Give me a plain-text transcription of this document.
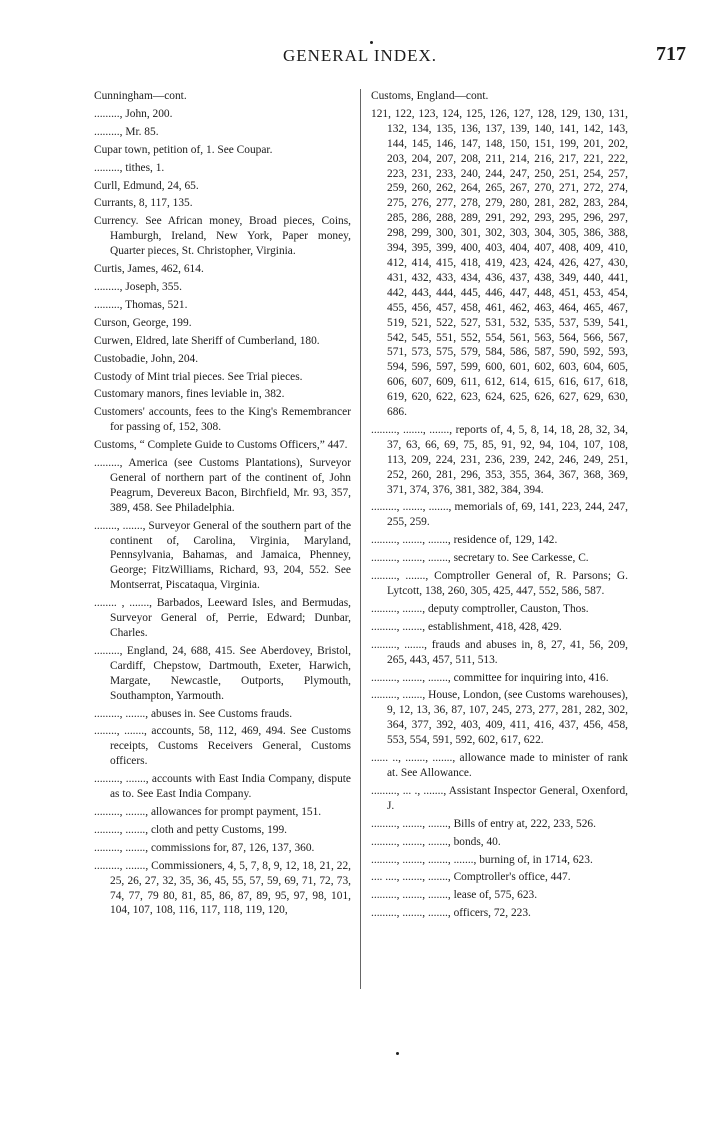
GENERAL INDEX.	717

Cunningham—cont.

........., John, 200.

........., Mr. 85.

Cupar town, petition of, 1. See Coupar.

........., tithes, 1.

Curll, Edmund, 24, 65.

Currants, 8, 117, 135.

Currency. See African money, Broad pieces, Coins, Hamburgh, Ireland, New York, Paper money, Quarter pieces, St. Christopher, Virginia.

Curtis, James, 462, 614.

........., Joseph, 355.

........., Thomas, 521.

Curson, George, 199.

Curwen, Eldred, late Sheriff of Cumberland, 180.

Custobadie, John, 204.

Custody of Mint trial pieces. See Trial pieces.

Customary manors, fines leviable in, 382.

Customers' accounts, fees to the King's Remembrancer for passing of, 152, 308.

Customs, “ Complete Guide to Customs Officers,” 447.

........., America (see Customs Plantations), Surveyor General of northern part of the continent of, John Peagrum, Devereux Bacon, Birchfield, Mr. 93, 357, 389, 458. See Philadelphia.

........, ......., Surveyor General of the southern part of the continent of, Carolina, Virginia, Maryland, Pennsylvania, Bahamas, and Jamaica, Phenney, George; FitzWilliams, Richard, 93, 204, 552. See Montserrat, Piscataqua, Virginia.

........ , ......., Barbados, Leeward Isles, and Bermudas, Surveyor General of, Perrie, Edward; Dunbar, Charles.

........., England, 24, 688, 415. See Aberdovey, Bristol, Cardiff, Chepstow, Dartmouth, Exeter, Harwich, Margate, Newcastle, Outports, Plymouth, Southampton, Yarmouth.

........., ......., abuses in. See Customs frauds.

........, ......., accounts, 58, 112, 469, 494. See Customs receipts, Customs Receivers General, Customs officers.

........., ......., accounts with East India Company, dispute as to. See East India Company.

........., ......., allowances for prompt payment, 151.

........., ......., cloth and petty Customs, 199.

........., ......., commissions for, 87, 126, 137, 360.

........., ......., Commissioners, 4, 5, 7, 8, 9, 12, 18, 21, 22, 25, 26, 27, 32, 35, 36, 45, 55, 57, 59, 69, 71, 72, 73, 74, 77, 79 80, 81, 85, 86, 87, 89, 95, 97, 98, 101, 104, 107, 108, 116, 117, 118, 119, 120,

Customs, England—cont.

121, 122, 123, 124, 125, 126, 127, 128, 129, 130, 131, 132, 134, 135, 136, 137, 139, 140, 141, 142, 143, 144, 145, 146, 147, 148, 150, 151, 199, 201, 202, 203, 204, 207, 208, 211, 214, 216, 217, 221, 222, 223, 231, 233, 240, 244, 247, 250, 251, 254, 257, 259, 260, 262, 264, 265, 267, 270, 271, 272, 274, 275, 276, 277, 278, 279, 280, 281, 282, 283, 284, 285, 286, 288, 289, 291, 292, 293, 295, 296, 297, 298, 299, 300, 301, 302, 303, 304, 305, 386, 388, 394, 395, 399, 400, 403, 404, 407, 408, 409, 410, 412, 414, 415, 418, 419, 423, 424, 426, 427, 430, 431, 432, 433, 434, 436, 437, 438, 349, 440, 441, 442, 443, 444, 445, 446, 447, 448, 451, 453, 454, 455, 456, 457, 458, 461, 462, 463, 464, 465, 467, 519, 521, 522, 527, 531, 532, 535, 537, 539, 541, 542, 545, 551, 552, 554, 561, 563, 564, 566, 567, 571, 573, 575, 579, 584, 586, 587, 590, 592, 593, 594, 596, 597, 599, 600, 601, 602, 603, 604, 605, 606, 607, 609, 611, 612, 614, 615, 616, 617, 618, 619, 620, 622, 623, 624, 625, 626, 627, 629, 630, 686.

........., ......., ......., reports of, 4, 5, 8, 14, 18, 28, 32, 34, 37, 63, 66, 69, 75, 85, 91, 92, 94, 104, 107, 108, 113, 209, 224, 231, 236, 239, 242, 246, 249, 251, 252, 260, 281, 296, 353, 355, 364, 367, 368, 369, 371, 374, 376, 381, 382, 384, 394.

........., ......., ......., memorials of, 69, 141, 223, 244, 247, 255, 259.

........., ......., ......., residence of, 129, 142.

........., ......., ......., secretary to. See Carkesse, C.

........., ......., Comptroller General of, R. Parsons; G. Lytcott, 138, 260, 305, 425, 447, 552, 586, 587.

........., ......., deputy comptroller, Causton, Thos.

........., ......., establishment, 418, 428, 429.

........., ......., frauds and abuses in, 8, 27, 41, 56, 209, 265, 443, 457, 511, 513.

........., ......., ......., committee for inquiring into, 416.

........., ......., House, London, (see Customs warehouses), 9, 12, 13, 36, 87, 107, 245, 273, 277, 281, 282, 302, 364, 377, 392, 403, 409, 411, 416, 437, 456, 458, 553, 554, 591, 592, 602, 617, 622.

...... .., ......., ......., allowance made to minister of rank at. See Allowance.

........., ... ., ......., Assistant Inspector General, Oxenford, J.

........., ......., ......., Bills of entry at, 222, 233, 526.

........., ......., ......., bonds, 40.

........., ......., ......., ......., burning of, in 1714, 623.

.... ...., ......., ......., Comptroller's office, 447.

........., ......., ......., lease of, 575, 623.

........., ......., ......., officers, 72, 223.
